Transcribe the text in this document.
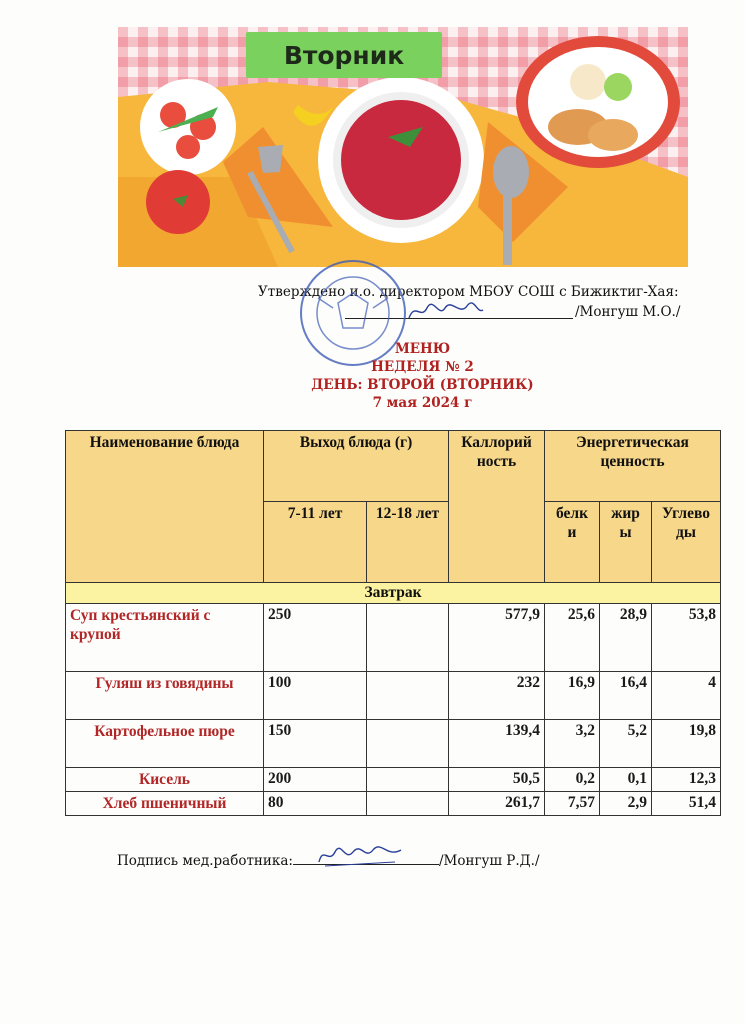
Вторник
Утверждено и.о. директором МБОУ СОШ с Бижиктиг-Хая:
/Монгуш М.О./
МЕНЮ
НЕДЕЛЯ № 2
ДЕНЬ: ВТОРОЙ (ВТОРНИК)
7 мая 2024 г
Наименование блюда	Выход блюда (г)		Каллорийность	Энергетическая ценность		
	7-11 лет	12-18 лет		белки	жиры	Углеводы
Завтрак						
Суп крестьянский с крупой	250		577,9	25,6	28,9	53,8
Гуляш из говядины	100		232	16,9	16,4	4
Картофельное пюре	150		139,4	3,2	5,2	19,8
Кисель	200		50,5	0,2	0,1	12,3
Хлеб пшеничный	80		261,7	7,57	2,9	51,4
Подпись мед.работника:	/Монгуш Р.Д./
